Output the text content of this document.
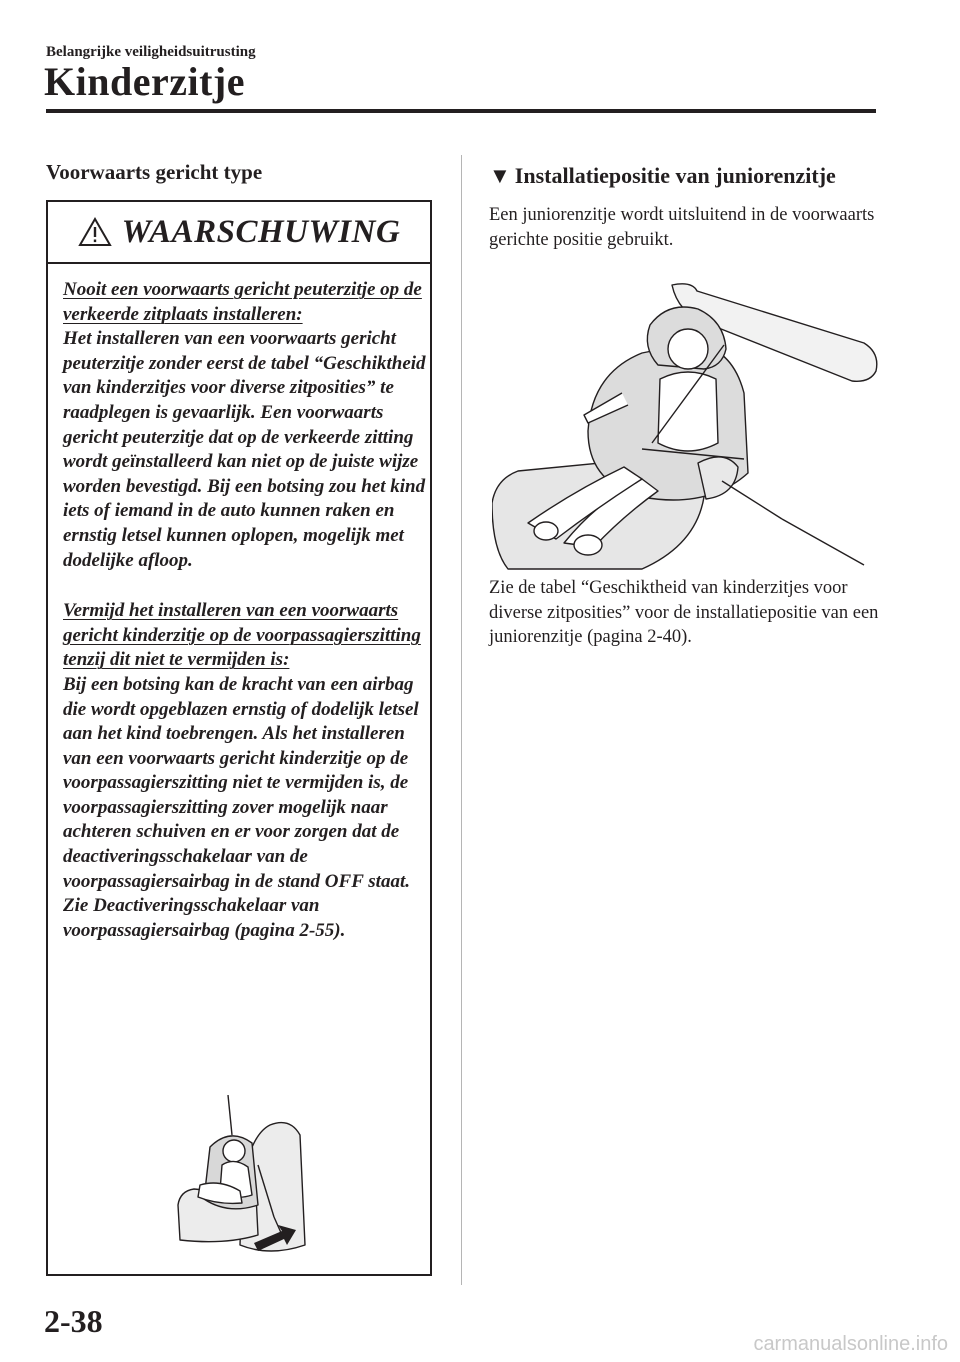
Belangrijke veiligheidsuitrusting
Kinderzitje
Voorwaarts gericht type
WAARSCHUWING

Nooit een voorwaarts gericht peuterzitje op de verkeerde zitplaats installeren:

Het installeren van een voorwaarts gericht peuterzitje zonder eerst de tabel “Geschiktheid van kinderzitjes voor diverse zitposities” te raadplegen is gevaarlijk. Een voorwaarts gericht peuterzitje dat op de verkeerde zitting wordt geïnstalleerd kan niet op de juiste wijze worden bevestigd. Bij een botsing zou het kind iets of iemand in de auto kunnen raken en ernstig letsel kunnen oplopen, mogelijk met dodelijke afloop.

Vermijd het installeren van een voorwaarts gericht kinderzitje op de voorpassagierszitting tenzij dit niet te vermijden is:

Bij een botsing kan de kracht van een airbag die wordt opgeblazen ernstig of dodelijk letsel aan het kind toebrengen. Als het installeren van een voorwaarts gericht kinderzitje op de voorpassagierszitting niet te vermijden is, de voorpassagierszitting zover mogelijk naar achteren schuiven en er voor zorgen dat de deactiveringsschakelaar van de voorpassagiersairbag in de stand OFF staat. Zie Deactiveringsschakelaar van voorpassagiersairbag (pagina 2-55).

▼ Installatiepositie van juniorenzitje

Een juniorenzitje wordt uitsluitend in de voorwaarts gerichte positie gebruikt.

Zie de tabel “Geschiktheid van kinderzitjes voor diverse zitposities” voor de installatiepositie van een juniorenzitje (pagina 2-40).

2-38
carmanualsonline.info
